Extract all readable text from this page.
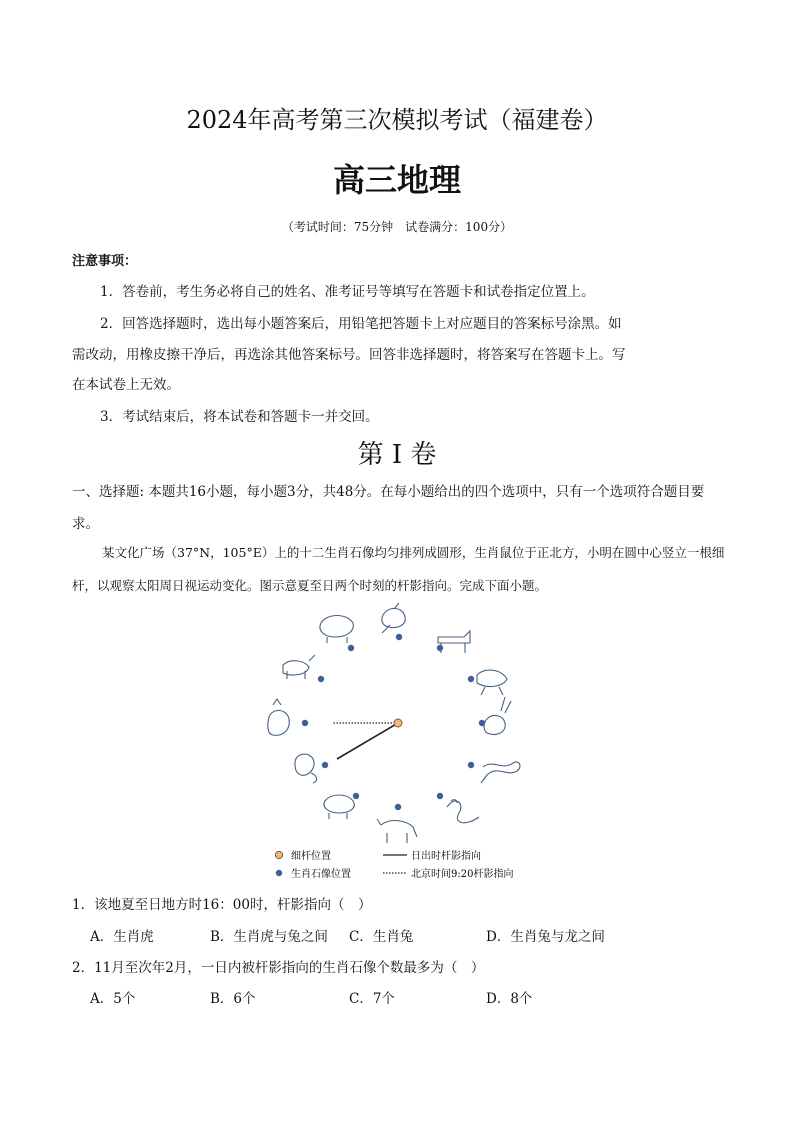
2024年高考第三次模拟考试（福建卷）
高三地理
（考试时间：75分钟　试卷满分：100分）
注意事项：
1．答卷前，考生务必将自己的姓名、准考证号等填写在答题卡和试卷指定位置上。
2．回答选择题时，选出每小题答案后，用铅笔把答题卡上对应题目的答案标号涂黑。如
需改动，用橡皮擦干净后，再选涂其他答案标号。回答非选择题时，将答案写在答题卡上。写
在本试卷上无效。
3．考试结束后，将本试卷和答题卡一并交回。
第 I 卷
一、选择题: 本题共16小题，每小题3分，共48分。在每小题给出的四个选项中，只有一个选项符合题目要求。
某文化广场（37°N，105°E）上的十二生肖石像均匀排列成圆形，生肖鼠位于正北方，小明在圆中心竖立一根细杆，以观察太阳周日视运动变化。图示意夏至日两个时刻的杆影指向。完成下面小题。
细杆位置
生肖石像位置
日出时杆影指向
北京时间9:20杆影指向
1．该地夏至日地方时16：00时，杆影指向（　）
A．生肖虎	B．生肖虎与兔之间 C．生肖兔	D．生肖兔与龙之间
2．11月至次年2月，一日内被杆影指向的生肖石像个数最多为（　）
A．5个	B．6个	C．7个	D．8个
